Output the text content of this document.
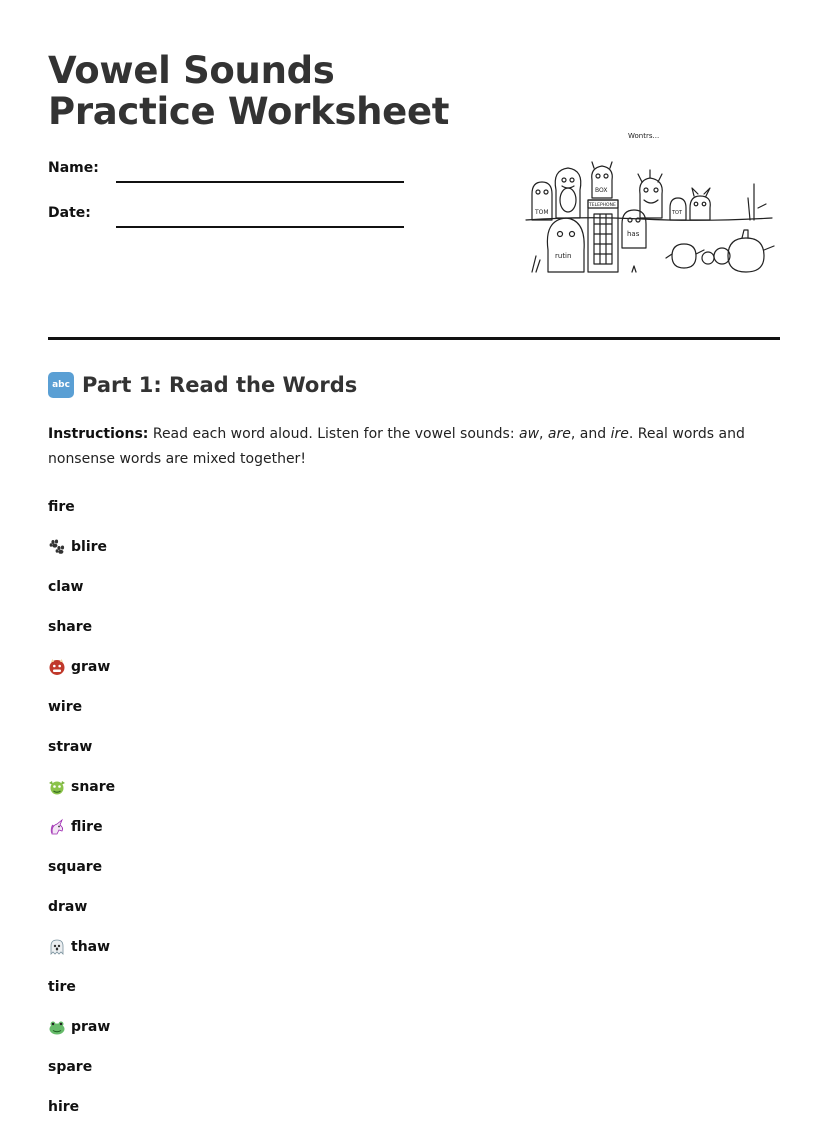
Vowel Sounds Practice Worksheet
Name:
Date:
Wontrs...
TOM
BOX
TELEPHONE
rutin
has
TOT
abc Part 1: Read the Words

Instructions: Read each word aloud. Listen for the vowel sounds: aw, are, and ire. Real words and nonsense words are mixed together!

fire
blire
claw
share
graw
wire
straw
snare
flire
square
draw
thaw
tire
praw
spare
hire
